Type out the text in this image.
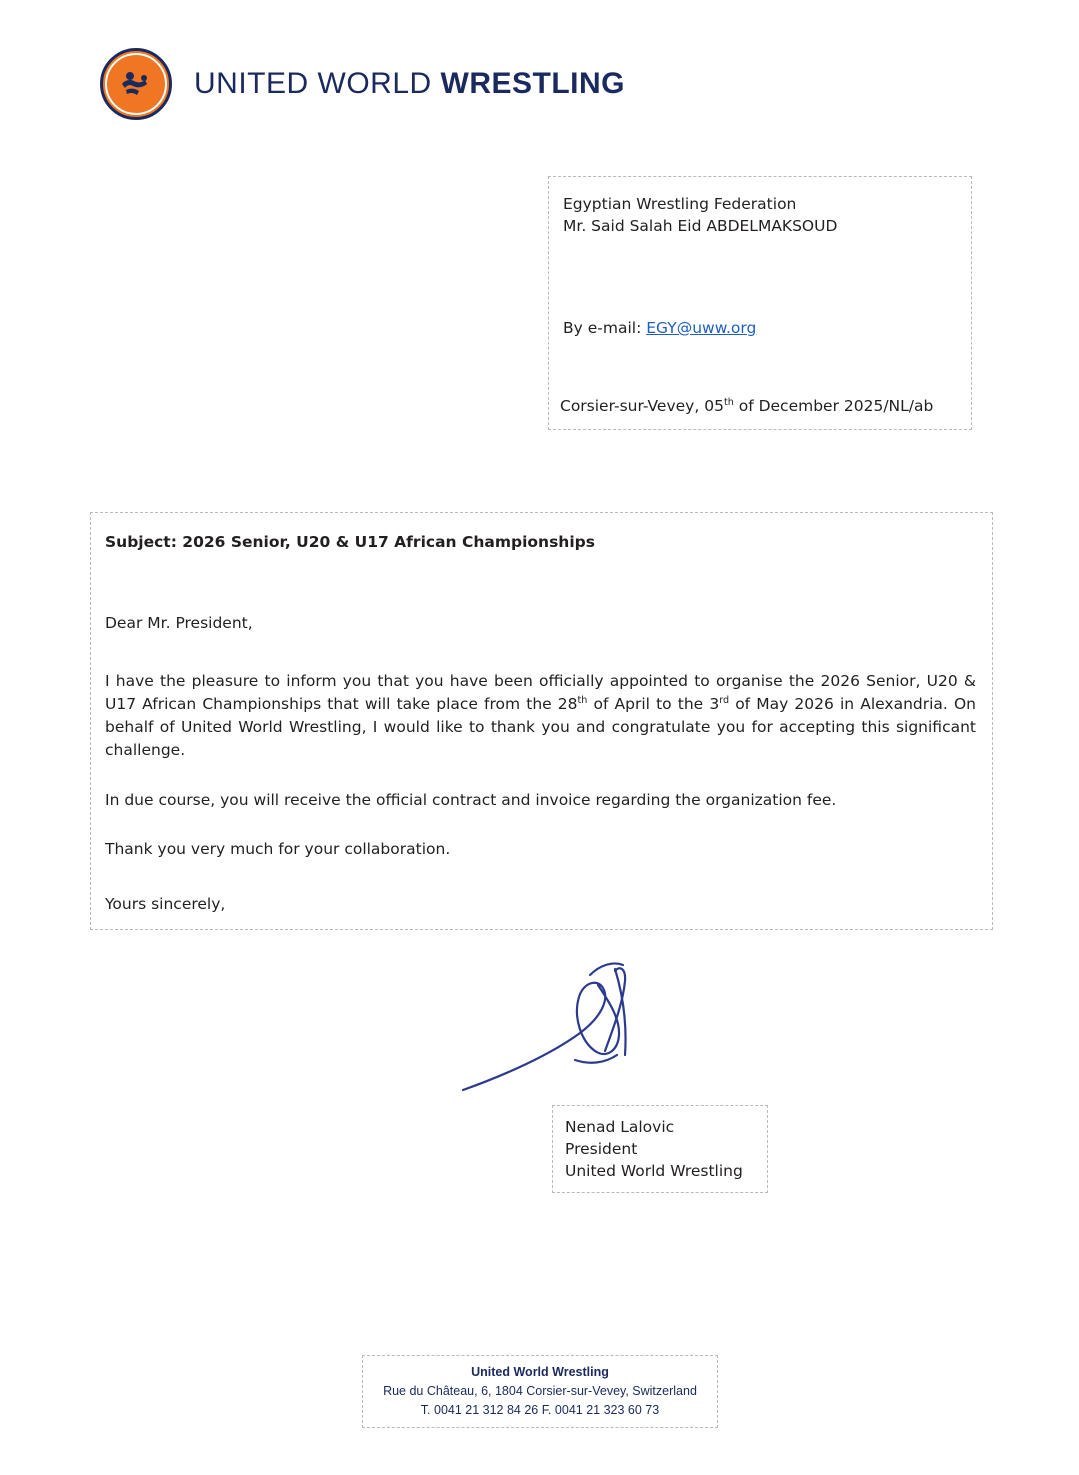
UNITED WORLD WRESTLING
Egyptian Wrestling Federation
Mr. Said Salah Eid ABDELMAKSOUD
By e-mail: EGY@uww.org
Corsier-sur-Vevey, 05th of December 2025/NL/ab

Subject: 2026 Senior, U20 & U17 African Championships

Dear Mr. President,

I have the pleasure to inform you that you have been officially appointed to organise the 2026 Senior, U20 & U17 African Championships that will take place from the 28th of April to the 3rd of May 2026 in Alexandria. On behalf of United World Wrestling, I would like to thank you and congratulate you for accepting this significant challenge.

In due course, you will receive the official contract and invoice regarding the organization fee.

Thank you very much for your collaboration.

Yours sincerely,

Nenad Lalovic
President
United World Wrestling
United World Wrestling
Rue du Château, 6, 1804 Corsier-sur-Vevey, Switzerland
T. 0041 21 312 84 26 F. 0041 21 323 60 73
